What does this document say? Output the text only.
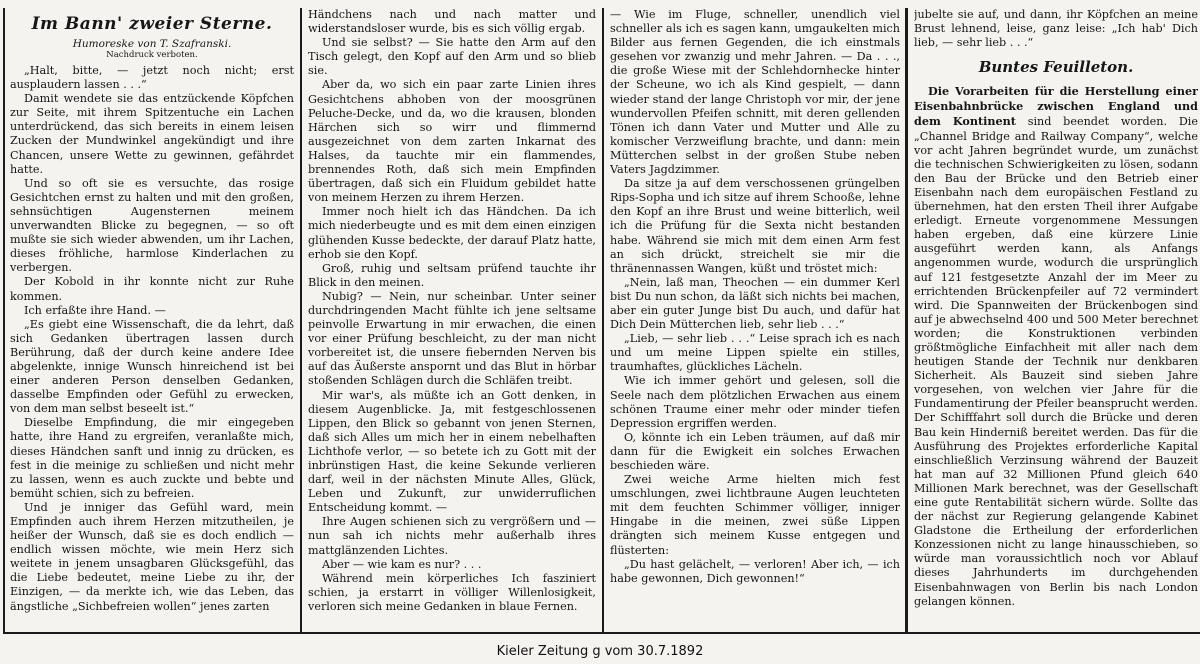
Im Bann' zweier Sterne.
Humoreske von T. Szafranski.
Nachdruck verboten.

„Halt, bitte, — jetzt noch nicht; erst ausplaudern lassen . . .“

Damit wendete sie das entzückende Köpfchen zur Seite, mit ihrem Spitzentuche ein Lachen unterdrückend, das sich bereits in einem leisen Zucken der Mundwinkel angekündigt und ihre Chancen, unsere Wette zu gewinnen, gefährdet hatte.

Und so oft sie es versuchte, das rosige Gesichtchen ernst zu halten und mit den großen, sehnsüchtigen Augensternen meinem unverwandten Blicke zu begegnen, — so oft mußte sie sich wieder abwenden, um ihr Lachen, dieses fröhliche, harmlose Kinderlachen zu verbergen.

Der Kobold in ihr konnte nicht zur Ruhe kommen.

Ich erfaßte ihre Hand. —

„Es giebt eine Wissenschaft, die da lehrt, daß sich Gedanken übertragen lassen durch Berührung, daß der durch keine andere Idee abgelenkte, innige Wunsch hinreichend ist bei einer anderen Person denselben Gedanken, dasselbe Empfinden oder Gefühl zu erwecken, von dem man selbst beseelt ist.“

Dieselbe Empfindung, die mir eingegeben hatte, ihre Hand zu ergreifen, veranlaßte mich, dieses Händchen sanft und innig zu drücken, es fest in die meinige zu schließen und nicht mehr zu lassen, wenn es auch zuckte und bebte und bemüht schien, sich zu befreien.

Und je inniger das Gefühl ward, mein Empfinden auch ihrem Herzen mitzutheilen, je heißer der Wunsch, daß sie es doch endlich — endlich wissen möchte, wie mein Herz sich weitete in jenem unsagbaren Glücksgefühl, das die Liebe bedeutet, meine Liebe zu ihr, der Einzigen, — da merkte ich, wie das Leben, das ängstliche „Sichbefreien wollen“ jenes zarten

Händchens nach und nach matter und widerstandsloser wurde, bis es sich völlig ergab.

Und sie selbst? — Sie hatte den Arm auf den Tisch gelegt, den Kopf auf den Arm und so blieb sie.

Aber da, wo sich ein paar zarte Linien ihres Gesichtchens abhoben von der moosgrünen Peluche-Decke, und da, wo die krausen, blonden Härchen sich so wirr und flimmernd ausgezeichnet von dem zarten Inkarnat des Halses, da tauchte mir ein flammendes, brennendes Roth, daß sich mein Empfinden übertragen, daß sich ein Fluidum gebildet hatte von meinem Herzen zu ihrem Herzen.

Immer noch hielt ich das Händchen. Da ich mich niederbeugte und es mit dem einen einzigen glühenden Kusse bedeckte, der darauf Platz hatte, erhob sie den Kopf.

Groß, ruhig und seltsam prüfend tauchte ihr Blick in den meinen.

Nubig? — Nein, nur scheinbar. Unter seiner durchdringenden Macht fühlte ich jene seltsame peinvolle Erwartung in mir erwachen, die einen vor einer Prüfung beschleicht, zu der man nicht vorbereitet ist, die unsere fiebernden Nerven bis auf das Äußerste anspornt und das Blut in hörbar stoßenden Schlägen durch die Schläfen treibt.

Mir war's, als müßte ich an Gott denken, in diesem Augenblicke. Ja, mit festgeschlossenen Lippen, den Blick so gebannt von jenen Sternen, daß sich Alles um mich her in einem nebelhaften Lichthofe verlor, — so betete ich zu Gott mit der inbrünstigen Hast, die keine Sekunde verlieren darf, weil in der nächsten Minute Alles, Glück, Leben und Zukunft, zur unwiderruflichen Entscheidung kommt. —

Ihre Augen schienen sich zu vergrößern und — nun sah ich nichts mehr außerhalb ihres mattglänzenden Lichtes.

Aber — wie kam es nur? . . .

Während mein körperliches Ich fasziniert schien, ja erstarrt in völliger Willenlosigkeit, verloren sich meine Gedanken in blaue Fernen.

— Wie im Fluge, schneller, unendlich viel schneller als ich es sagen kann, umgaukelten mich Bilder aus fernen Gegenden, die ich einstmals gesehen vor zwanzig und mehr Jahren. — Da . . ., die große Wiese mit der Schlehdornhecke hinter der Scheune, wo ich als Kind gespielt, — dann wieder stand der lange Christoph vor mir, der jene wundervollen Pfeifen schnitt, mit deren gellenden Tönen ich dann Vater und Mutter und Alle zu komischer Verzweiflung brachte, und dann: mein Mütterchen selbst in der großen Stube neben Vaters Jagdzimmer.

Da sitze ja auf dem verschossenen grüngelben Rips-Sopha und ich sitze auf ihrem Schooße, lehne den Kopf an ihre Brust und weine bitterlich, weil ich die Prüfung für die Sexta nicht bestanden habe. Während sie mich mit dem einen Arm fest an sich drückt, streichelt sie mir die thränennassen Wangen, küßt und tröstet mich:

„Nein, laß man, Theochen — ein dummer Kerl bist Du nun schon, da läßt sich nichts bei machen, aber ein guter Junge bist Du auch, und dafür hat Dich Dein Mütterchen lieb, sehr lieb . . .“

„Lieb, — sehr lieb . . .“ Leise sprach ich es nach und um meine Lippen spielte ein stilles, traumhaftes, glückliches Lächeln.

Wie ich immer gehört und gelesen, soll die Seele nach dem plötzlichen Erwachen aus einem schönen Traume einer mehr oder minder tiefen Depression ergriffen werden.

O, könnte ich ein Leben träumen, auf daß mir dann für die Ewigkeit ein solches Erwachen beschieden wäre.

Zwei weiche Arme hielten mich fest umschlungen, zwei lichtbraune Augen leuchteten mit dem feuchten Schimmer völliger, inniger Hingabe in die meinen, zwei süße Lippen drängten sich meinem Kusse entgegen und flüsterten:

„Du hast gelächelt, — verloren! Aber ich, — ich habe gewonnen, Dich gewonnen!“

jubelte sie auf, und dann, ihr Köpfchen an meine Brust lehnend, leise, ganz leise: „Ich hab' Dich lieb, — sehr lieb . . .“

Buntes Feuilleton.

Die Vorarbeiten für die Herstellung einer Eisenbahnbrücke zwischen England und dem Kontinent sind beendet worden. Die „Channel Bridge and Railway Company“, welche vor acht Jahren begründet wurde, um zunächst die technischen Schwierigkeiten zu lösen, sodann den Bau der Brücke und den Betrieb einer Eisenbahn nach dem europäischen Festland zu übernehmen, hat den ersten Theil ihrer Aufgabe erledigt. Erneute vorgenommene Messungen haben ergeben, daß eine kürzere Linie ausgeführt werden kann, als Anfangs angenommen wurde, wodurch die ursprünglich auf 121 festgesetzte Anzahl der im Meer zu errichtenden Brückenpfeiler auf 72 vermindert wird. Die Spannweiten der Brückenbogen sind auf je abwechselnd 400 und 500 Meter berechnet worden; die Konstruktionen verbinden größtmögliche Einfachheit mit aller nach dem heutigen Stande der Technik nur denkbaren Sicherheit. Als Bauzeit sind sieben Jahre vorgesehen, von welchen vier Jahre für die Fundamentirung der Pfeiler beansprucht werden. Der Schifffahrt soll durch die Brücke und deren Bau kein Hinderniß bereitet werden. Das für die Ausführung des Projektes erforderliche Kapital einschließlich Verzinsung während der Bauzeit hat man auf 32 Millionen Pfund gleich 640 Millionen Mark berechnet, was der Gesellschaft eine gute Rentabilität sichern würde. Sollte das der nächst zur Regierung gelangende Kabinet Gladstone die Ertheilung der erforderlichen Konzessionen nicht zu lange hinausschieben, so würde man voraussichtlich noch vor Ablauf dieses Jahrhunderts im durchgehenden Eisenbahnwagen von Berlin bis nach London gelangen können.

Kieler Zeitung g vom 30.7.1892
